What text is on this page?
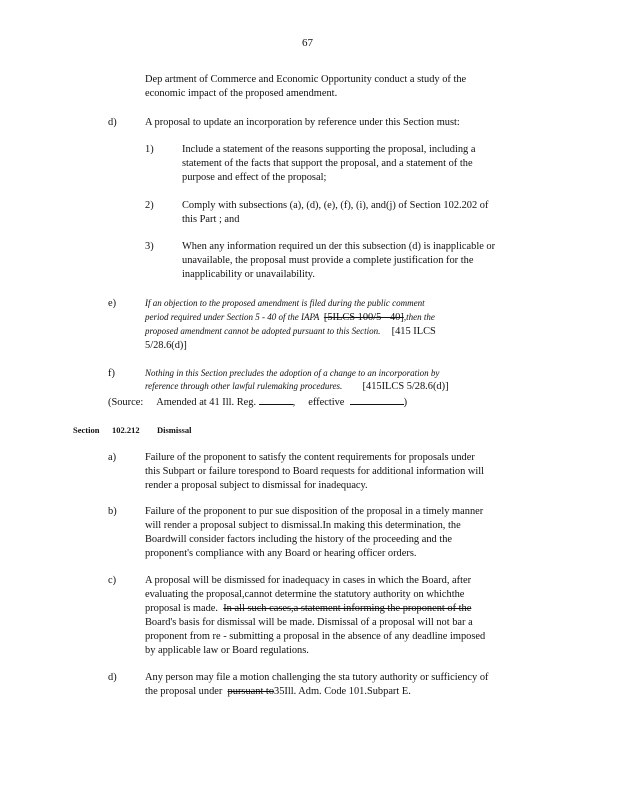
67
Dep artment of Commerce and Economic Opportunity conduct a study of the
economic impact of the proposed amendment.
d)	A proposal to update an incorporation by reference under this Section must:
1)	Include a statement of the reasons supporting the proposal, including a
statement of the facts that support the proposal, and a statement of the
purpose and effect of the proposal;
2)	Comply with subsections (a), (d), (e), (f), (i), and(j) of Section 102.202 of
this Part ; and
3)	When any information required un der this subsection (d) is inapplicable or
unavailable, the proposal must provide a complete justification for the
inapplicability or unavailability.
e)	If an objection to the proposed amendment is filed during the public comment
period required under Section 5 - 40 of the IAPA [5ILCS 100/5 - 40],then the
proposed amendment cannot be adopted pursuant to this Section. [415 ILCS
5/28.6(d)]
f)	Nothing in this Section precludes the adoption of a change to an incorporation by
reference through other lawful rulemaking procedures. [415ILCS 5/28.6(d)]
(Source: Amended at 41 Ill. Reg.	, effective	)
Section 102.212 Dismissal
a)	Failure of the proponent to satisfy the content requirements for proposals under
this Subpart or failure torespond to Board requests for additional information will
render a proposal subject to dismissal for inadequacy.
b)	Failure of the proponent to pur sue disposition of the proposal in a timely manner
will render a proposal subject to dismissal.In making this determination, the
Boardwill consider factors including the history of the proceeding and the
proponent's compliance with any Board or hearing officer orders.
c)	A proposal will be dismissed for inadequacy in cases in which the Board, after
evaluating the proposal,cannot determine the statutory authority on whichthe
proposal is made. In all such cases,a statement informing the proponent of the
Board's basis for dismissal will be made. Dismissal of a proposal will not bar a
proponent from re - submitting a proposal in the absence of any deadline imposed
by applicable law or Board regulations.
d)	Any person may file a motion challenging the sta tutory authority or sufficiency of
the proposal under pursuant to35Ill. Adm. Code 101.Subpart E.
